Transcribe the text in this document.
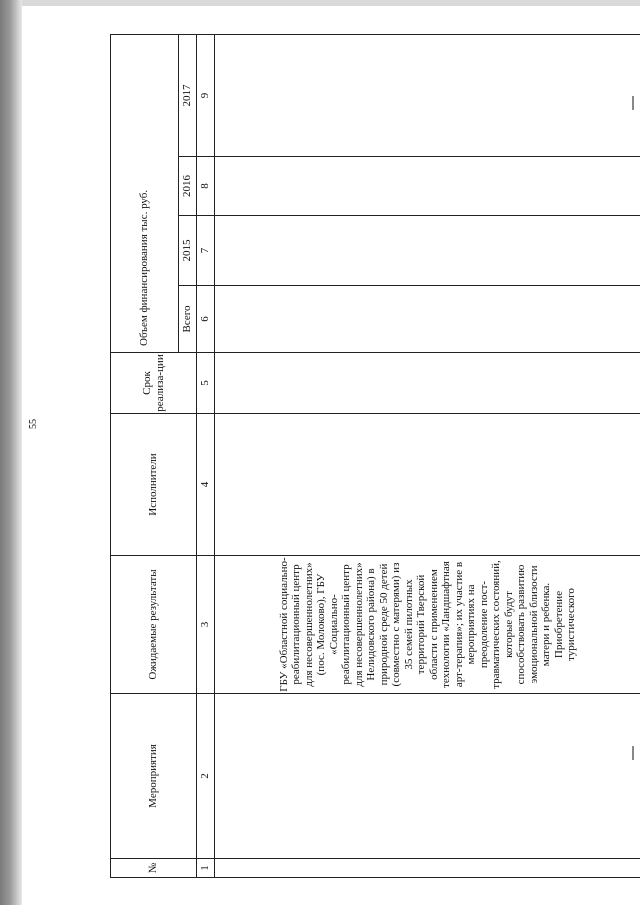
55
№	Мероприятия	Ожидаемые результаты	Исполнители	Срок реализа-ции	Объем финансирования тыс. руб.			
					Всего	2015	2016	2017
1	2	3	4	5	6	7	8	9

		ГБУ «Областной социально-реабилитационный центр для несовершеннолетних» (пос. Молоково), ГБУ «Социально-реабилитационный центр для несовершеннолетних» Нелидовского района) в природной среде 50 детей (совместно с матерями) из 35 семей пилотных территорий Тверской области с применением технологии «Ландшафтная арт-терапия»; их участие в мероприятиях на преодоление пост-травматических состояний, которые будут способствовать развитию эмоциональной близости матери и ребенка. Приобретение туристического						
